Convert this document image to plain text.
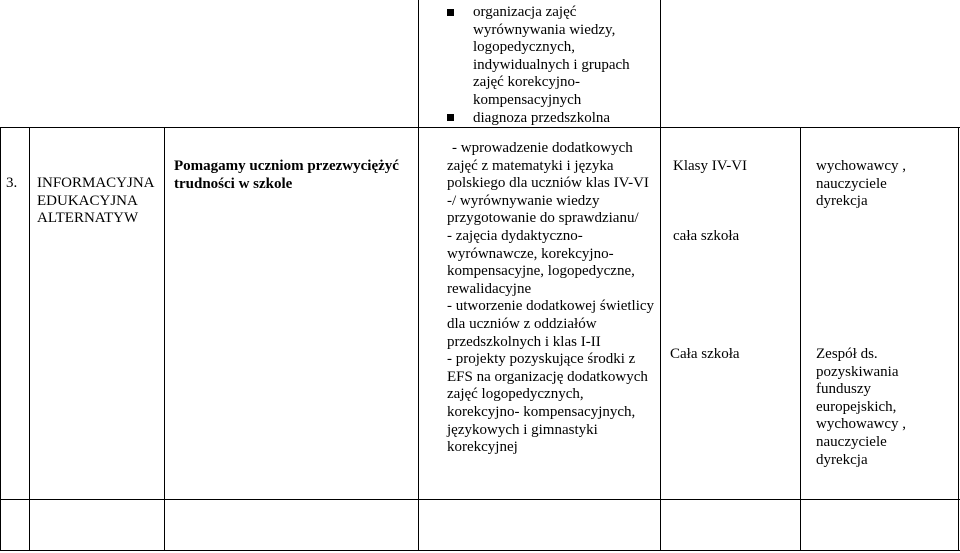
organizacja zajęć
wyrównywania wiedzy,
logopedycznych,
indywidualnych i grupach
zajęć korekcyjno-
kompensacyjnych
diagnoza przedszkolna
3. INFORMACYJNA
EDUKACYJNA
ALTERNATYW
Pomagamy uczniom przezwyciężyć
trudności w szkole
- wprowadzenie dodatkowych
zajęć z matematyki i języka
polskiego dla uczniów klas IV-VI
-/ wyrównywanie wiedzy
przygotowanie do sprawdzianu/
- zajęcia dydaktyczno-
wyrównawcze, korekcyjno-
kompensacyjne, logopedyczne,
rewalidacyjne
- utworzenie dodatkowej świetlicy
dla uczniów z oddziałów
przedszkolnych i klas I-II
- projekty pozyskujące środki z
EFS na organizację dodatkowych
zajęć logopedycznych,
korekcyjno- kompensacyjnych,
językowych i gimnastyki
korekcyjnej
Klasy IV-VI
cała szkoła
Cała szkoła
wychowawcy ,
nauczyciele
dyrekcja
Zespół ds.
pozyskiwania
funduszy
europejskich,
wychowawcy ,
nauczyciele
dyrekcja
